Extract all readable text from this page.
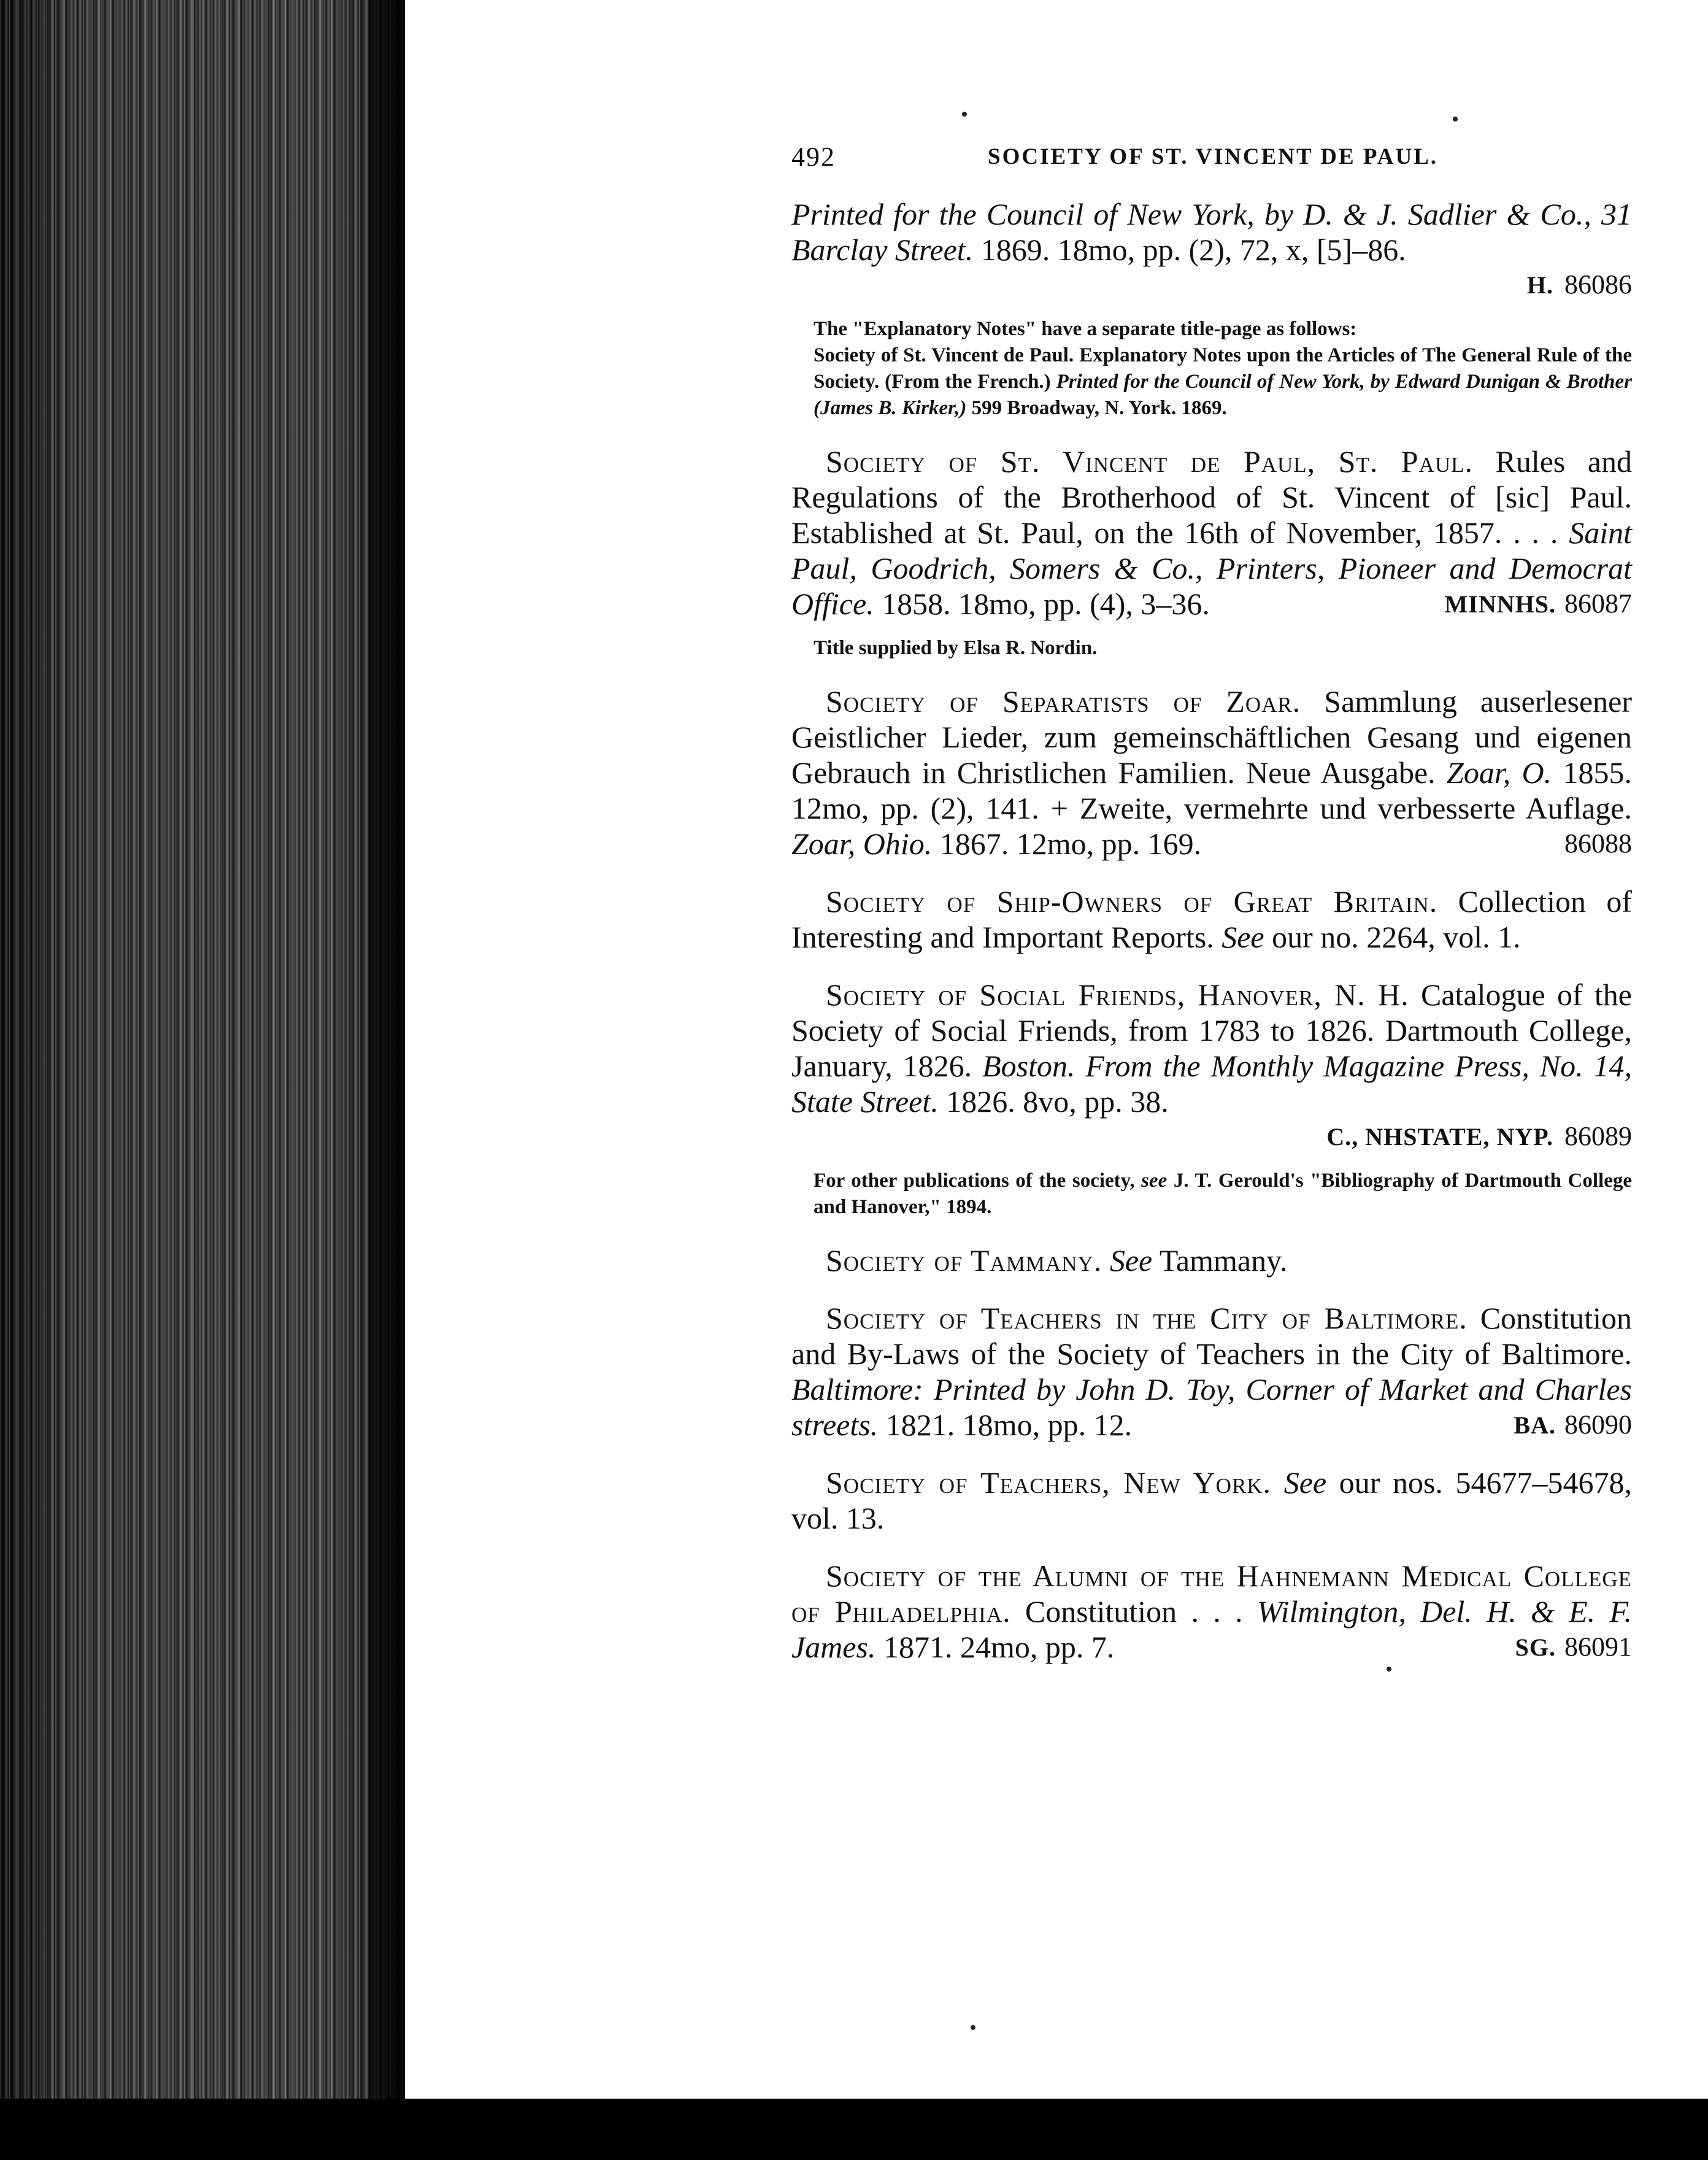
492	SOCIETY OF ST. VINCENT DE PAUL.

Printed for the Council of New York, by D. & J. Sadlier & Co., 31 Barclay Street. 1869. 18mo, pp. (2), 72, x, [5]–86.

H. 86086

The "Explanatory Notes" have a separate title-page as follows:
Society of St. Vincent de Paul. Explanatory Notes upon the Articles of The General Rule of the Society. (From the French.) Printed for the Council of New York, by Edward Dunigan & Brother (James B. Kirker,) 599 Broadway, N. York. 1869.

Society of St. Vincent de Paul, St. Paul. Rules and Regulations of the Brotherhood of St. Vincent of [sic] Paul. Established at St. Paul, on the 16th of November, 1857. . . . Saint Paul, Goodrich, Somers & Co., Printers, Pioneer and Democrat Office. 1858. 18mo, pp. (4), 3–36.	MINNHS. 86087

Title supplied by Elsa R. Nordin.

Society of Separatists of Zoar. Sammlung auserlesener Geistlicher Lieder, zum gemeinschäftlichen Gesang und eigenen Gebrauch in Christlichen Familien. Neue Ausgabe. Zoar, O. 1855. 12mo, pp. (2), 141. + Zweite, vermehrte und verbesserte Auflage. Zoar, Ohio. 1867. 12mo, pp. 169.	86088

Society of Ship-Owners of Great Britain. Collection of Interesting and Important Reports. See our no. 2264, vol. 1.

Society of Social Friends, Hanover, N. H. Catalogue of the Society of Social Friends, from 1783 to 1826. Dartmouth College, January, 1826. Boston. From the Monthly Magazine Press, No. 14, State Street. 1826. 8vo, pp. 38.

C., NHSTATE, NYP. 86089

For other publications of the society, see J. T. Gerould's "Bibliography of Dartmouth College and Hanover," 1894.

Society of Tammany. See Tammany.

Society of Teachers in the City of Baltimore. Constitution and By-Laws of the Society of Teachers in the City of Baltimore. Baltimore: Printed by John D. Toy, Corner of Market and Charles streets. 1821. 18mo, pp. 12.	BA. 86090

Society of Teachers, New York. See our nos. 54677–54678, vol. 13.

Society of the Alumni of the Hahnemann Medical College of Philadelphia. Constitution . . . Wilmington, Del. H. & E. F. James. 1871. 24mo, pp. 7.	SG. 86091
